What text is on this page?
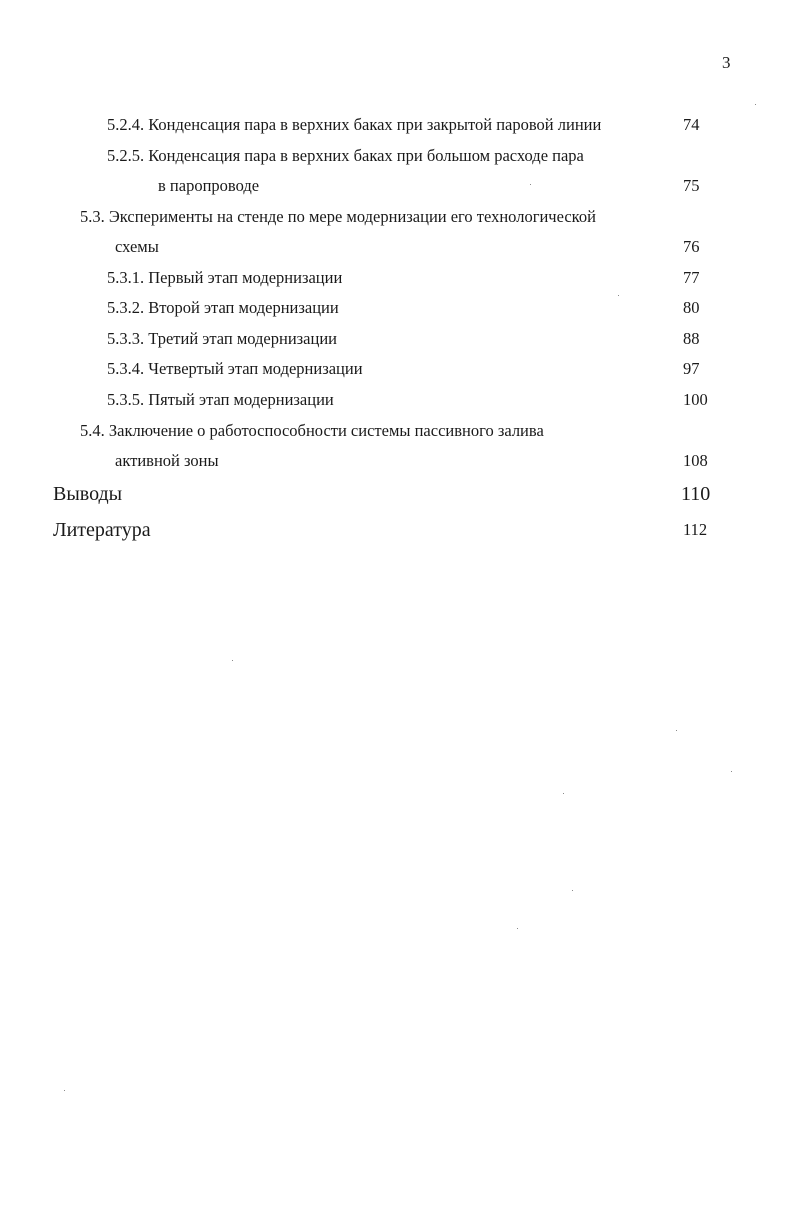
3
5.2.4. Конденсация пара в верхних баках при закрытой паровой линии	74
5.2.5. Конденсация пара в верхних баках при большом расходе пара
в паропроводе	75
5.3. Эксперименты на стенде по мере модернизации его технологической
схемы	76
5.3.1. Первый этап модернизации	77
5.3.2. Второй этап модернизации	80
5.3.3. Третий этап модернизации	88
5.3.4. Четвертый этап модернизации	97
5.3.5. Пятый этап модернизации	100
5.4. Заключение о работоспособности системы пассивного залива
активной зоны	108
Выводы	110
Литература	112
